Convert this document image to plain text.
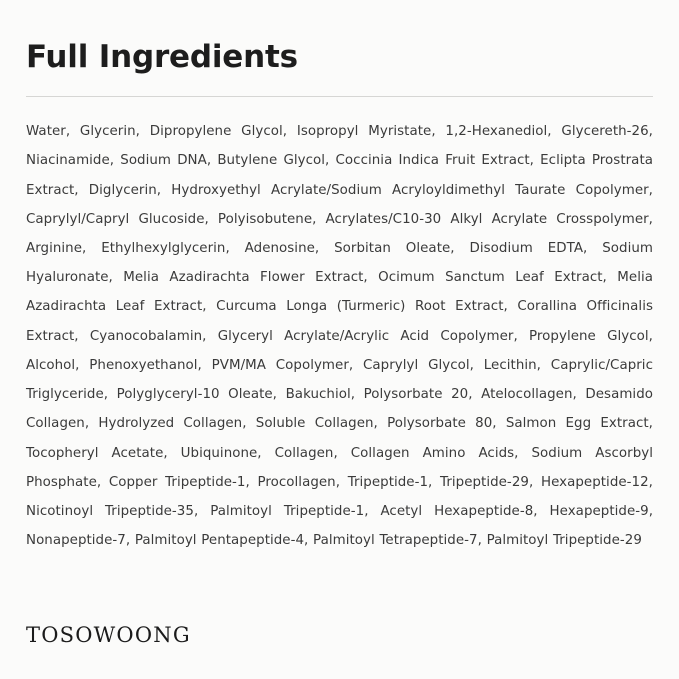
Full Ingredients

Water, Glycerin, Dipropylene Glycol, Isopropyl Myristate, 1,2-Hexanediol, Glycereth-26, Niacinamide, Sodium DNA, Butylene Glycol, Coccinia Indica Fruit Extract, Eclipta Prostrata Extract, Diglycerin, Hydroxyethyl Acrylate/Sodium Acryloyldimethyl Taurate Copolymer, Caprylyl/Capryl Glucoside, Polyisobutene, Acrylates/C10-30 Alkyl Acrylate Crosspolymer, Arginine, Ethylhexylglycerin, Adenosine, Sorbitan Oleate, Disodium EDTA, Sodium Hyaluronate, Melia Azadirachta Flower Extract, Ocimum Sanctum Leaf Extract, Melia Azadirachta Leaf Extract, Curcuma Longa (Turmeric) Root Extract, Corallina Officinalis Extract, Cyanocobalamin, Glyceryl Acrylate/Acrylic Acid Copolymer, Propylene Glycol, Alcohol, Phenoxyethanol, PVM/MA Copolymer, Caprylyl Glycol, Lecithin, Caprylic/Capric Triglyceride, Polyglyceryl-10 Oleate, Bakuchiol, Polysorbate 20, Atelocollagen, Desamido Collagen, Hydrolyzed Collagen, Soluble Collagen, Polysorbate 80, Salmon Egg Extract, Tocopheryl Acetate, Ubiquinone, Collagen, Collagen Amino Acids, Sodium Ascorbyl Phosphate, Copper Tripeptide-1, Procollagen, Tripeptide-1, Tripeptide-29, Hexapeptide-12, Nicotinoyl Tripeptide-35, Palmitoyl Tripeptide-1, Acetyl Hexapeptide-8, Hexapeptide-9, Nonapeptide-7, Palmitoyl Pentapeptide-4, Palmitoyl Tetrapeptide-7, Palmitoyl Tripeptide-29

TOSOWOONG
